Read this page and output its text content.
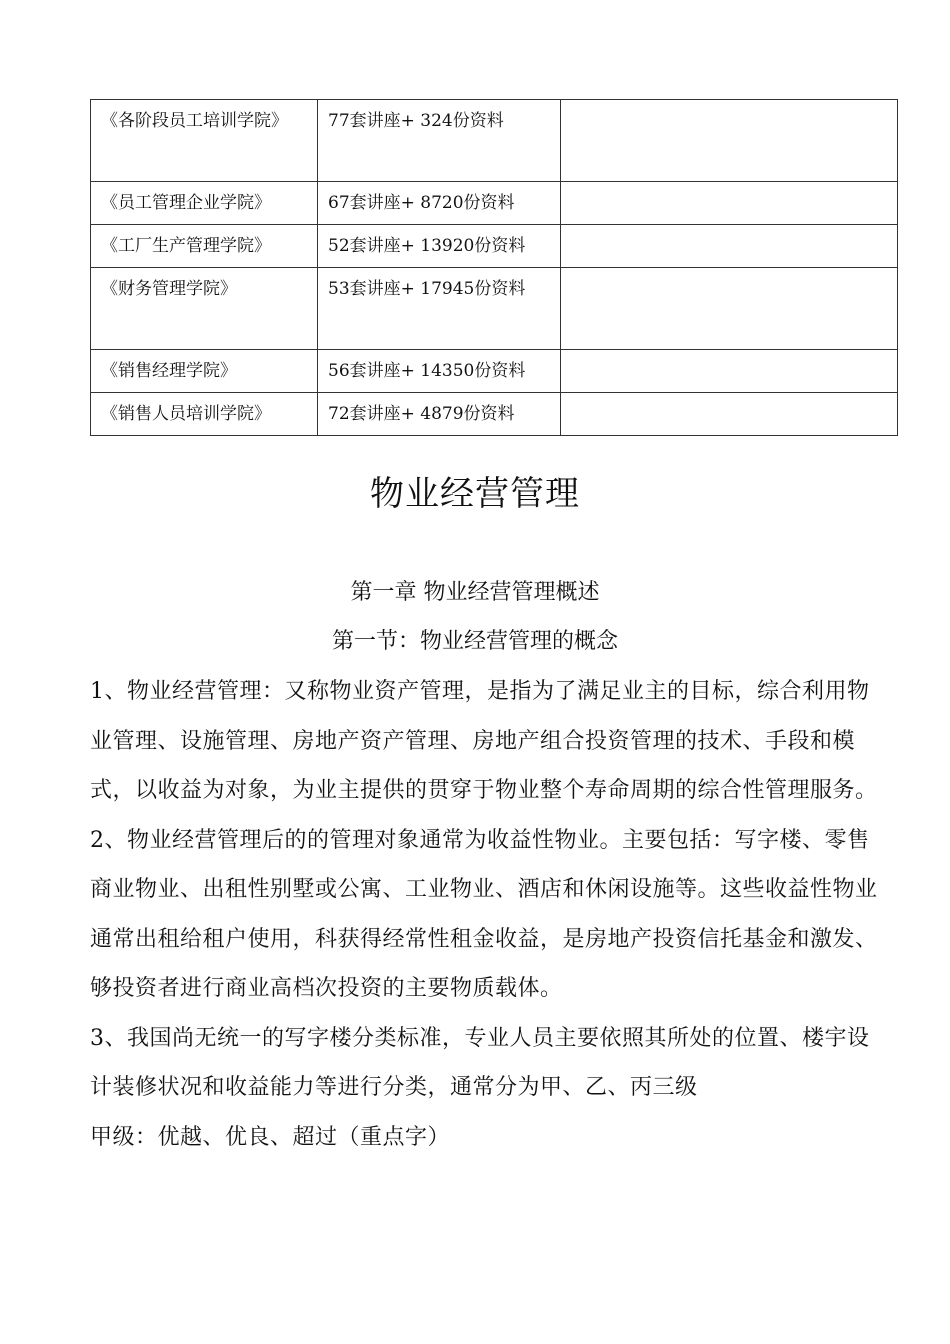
《各阶段员工培训学院》	77套讲座+ 324份资料	

《员工管理企业学院》	67套讲座+ 8720份资料	

《工厂生产管理学院》	52套讲座+ 13920份资料	

《财务管理学院》	53套讲座+ 17945份资料	

《销售经理学院》	56套讲座+ 14350份资料	

《销售人员培训学院》	72套讲座+ 4879份资料	

物业经营管理
第一章 物业经营管理概述
第一节：物业经营管理的概念

1、物业经营管理：又称物业资产管理，是指为了满足业主的目标，综合利用物业管理、设施管理、房地产资产管理、房地产组合投资管理的技术、手段和模式，以收益为对象，为业主提供的贯穿于物业整个寿命周期的综合性管理服务。

2、物业经营管理后的的管理对象通常为收益性物业。主要包括：写字楼、零售商业物业、出租性别墅或公寓、工业物业、酒店和休闲设施等。这些收益性物业通常出租给租户使用，科获得经常性租金收益，是房地产投资信托基金和激发、够投资者进行商业高档次投资的主要物质载体。

3、我国尚无统一的写字楼分类标准，专业人员主要依照其所处的位置、楼宇设计装修状况和收益能力等进行分类，通常分为甲、乙、丙三级

甲级：优越、优良、超过（重点字）
